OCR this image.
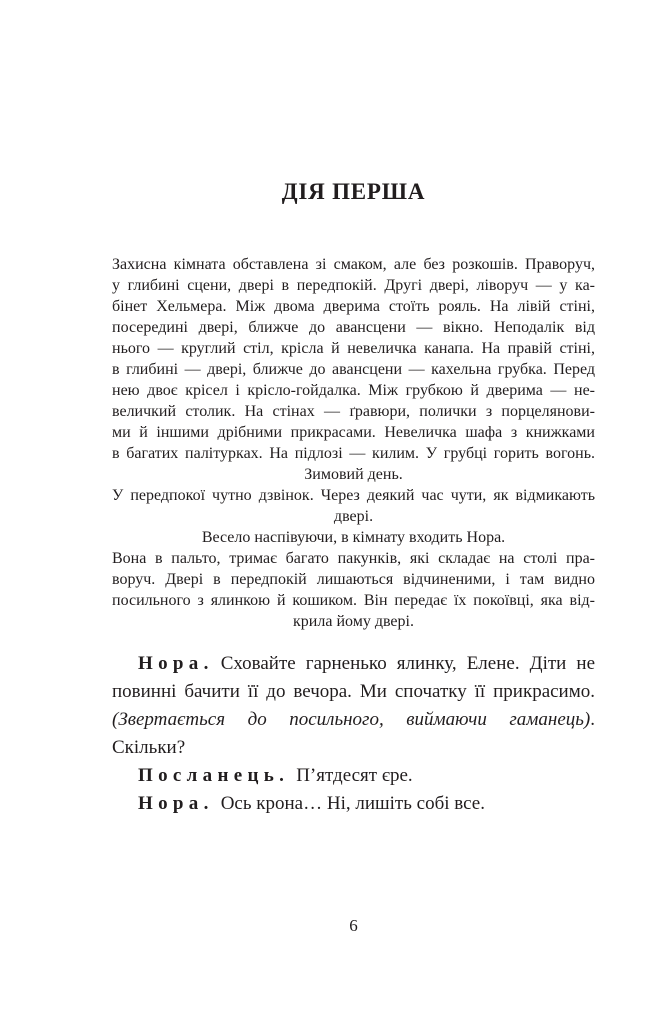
ДІЯ ПЕРША
Захисна кімната обставлена зі смаком, але без розкошів. Праворуч,
у глибині сцени, двері в передпокій. Другі двері, ліворуч — у ка-
бінет Хельмера. Між двома дверима стоїть рояль. На лівій стіні,
посередині двері, ближче до авансцени — вікно. Неподалік від
нього — круглий стіл, крісла й невеличка канапа. На правій стіні,
в глибині — двері, ближче до авансцени — кахельна грубка. Перед
нею двоє крісел і крісло-гойдалка. Між грубкою й дверима — не-
величкий столик. На стінах — ґравюри, полички з порцелянови-
ми й іншими дрібними прикрасами. Невеличка шафа з книжками
в багатих палітурках. На підлозі — килим. У грубці горить вогонь.
Зимовий день.
У передпокої чутно дзвінок. Через деякий час чути, як відмикають
двері.
Весело наспівуючи, в кімнату входить Нора.
Вона в пальто, тримає багато пакунків, які складає на столі пра-
воруч. Двері в передпокій лишаються відчиненими, і там видно
посильного з ялинкою й кошиком. Він передає їх покоївці, яка від-
крила йому двері.
Нора. Сховайте гарненько ялинку, Елене. Діти не
повинні бачити її до вечора. Ми спочатку її прикрасимо.
(Звертається до посильного, виймаючи гаманець). Скільки?
Посланець. П’ятдесят єре.
Нора. Ось крона… Ні, лишіть собі все.
6
